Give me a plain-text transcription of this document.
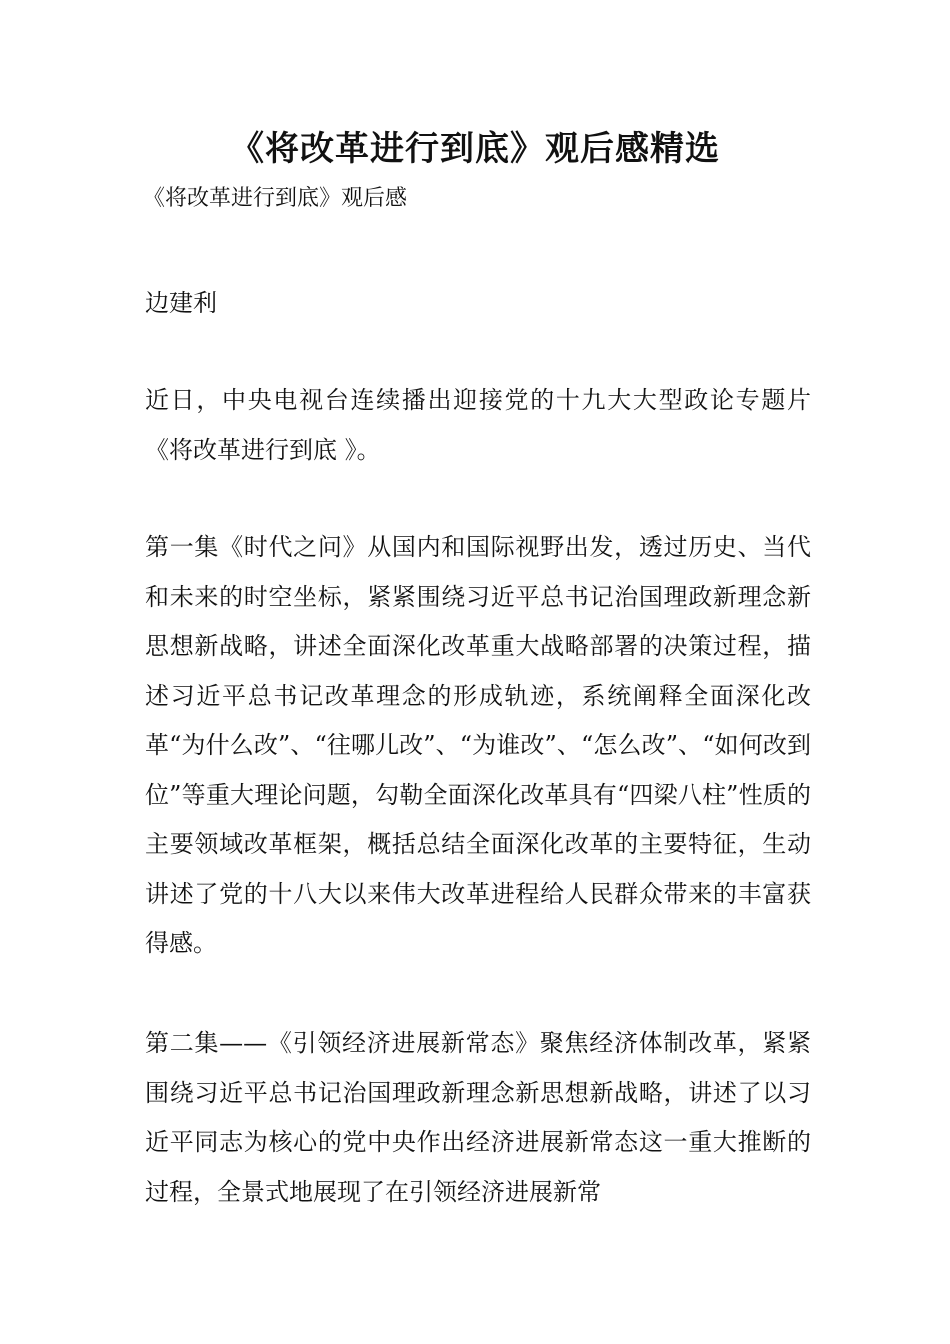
《将改革进行到底》观后感精选
《将改革进行到底》观后感

边建利

近日，中央电视台连续播出迎接党的十九大大型政论专题片《将改革进行到底 》。

第一集《时代之问》从国内和国际视野出发，透过历史、当代和未来的时空坐标，紧紧围绕习近平总书记治国理政新理念新思想新战略，讲述全面深化改革重大战略部署的决策过程，描述习近平总书记改革理念的形成轨迹，系统阐释全面深化改革“为什么改”、“往哪儿改”、“为谁改”、“怎么改”、“如何改到位”等重大理论问题，勾勒全面深化改革具有“四梁八柱”性质的主要领域改革框架，概括总结全面深化改革的主要特征，生动讲述了党的十八大以来伟大改革进程给人民群众带来的丰富获得感。

第二集——《引领经济进展新常态》聚焦经济体制改革，紧紧围绕习近平总书记治国理政新理念新思想新战略，讲述了以习近平同志为核心的党中央作出经济进展新常态这一重大推断的过程，全景式地展现了在引领经济进展新常
